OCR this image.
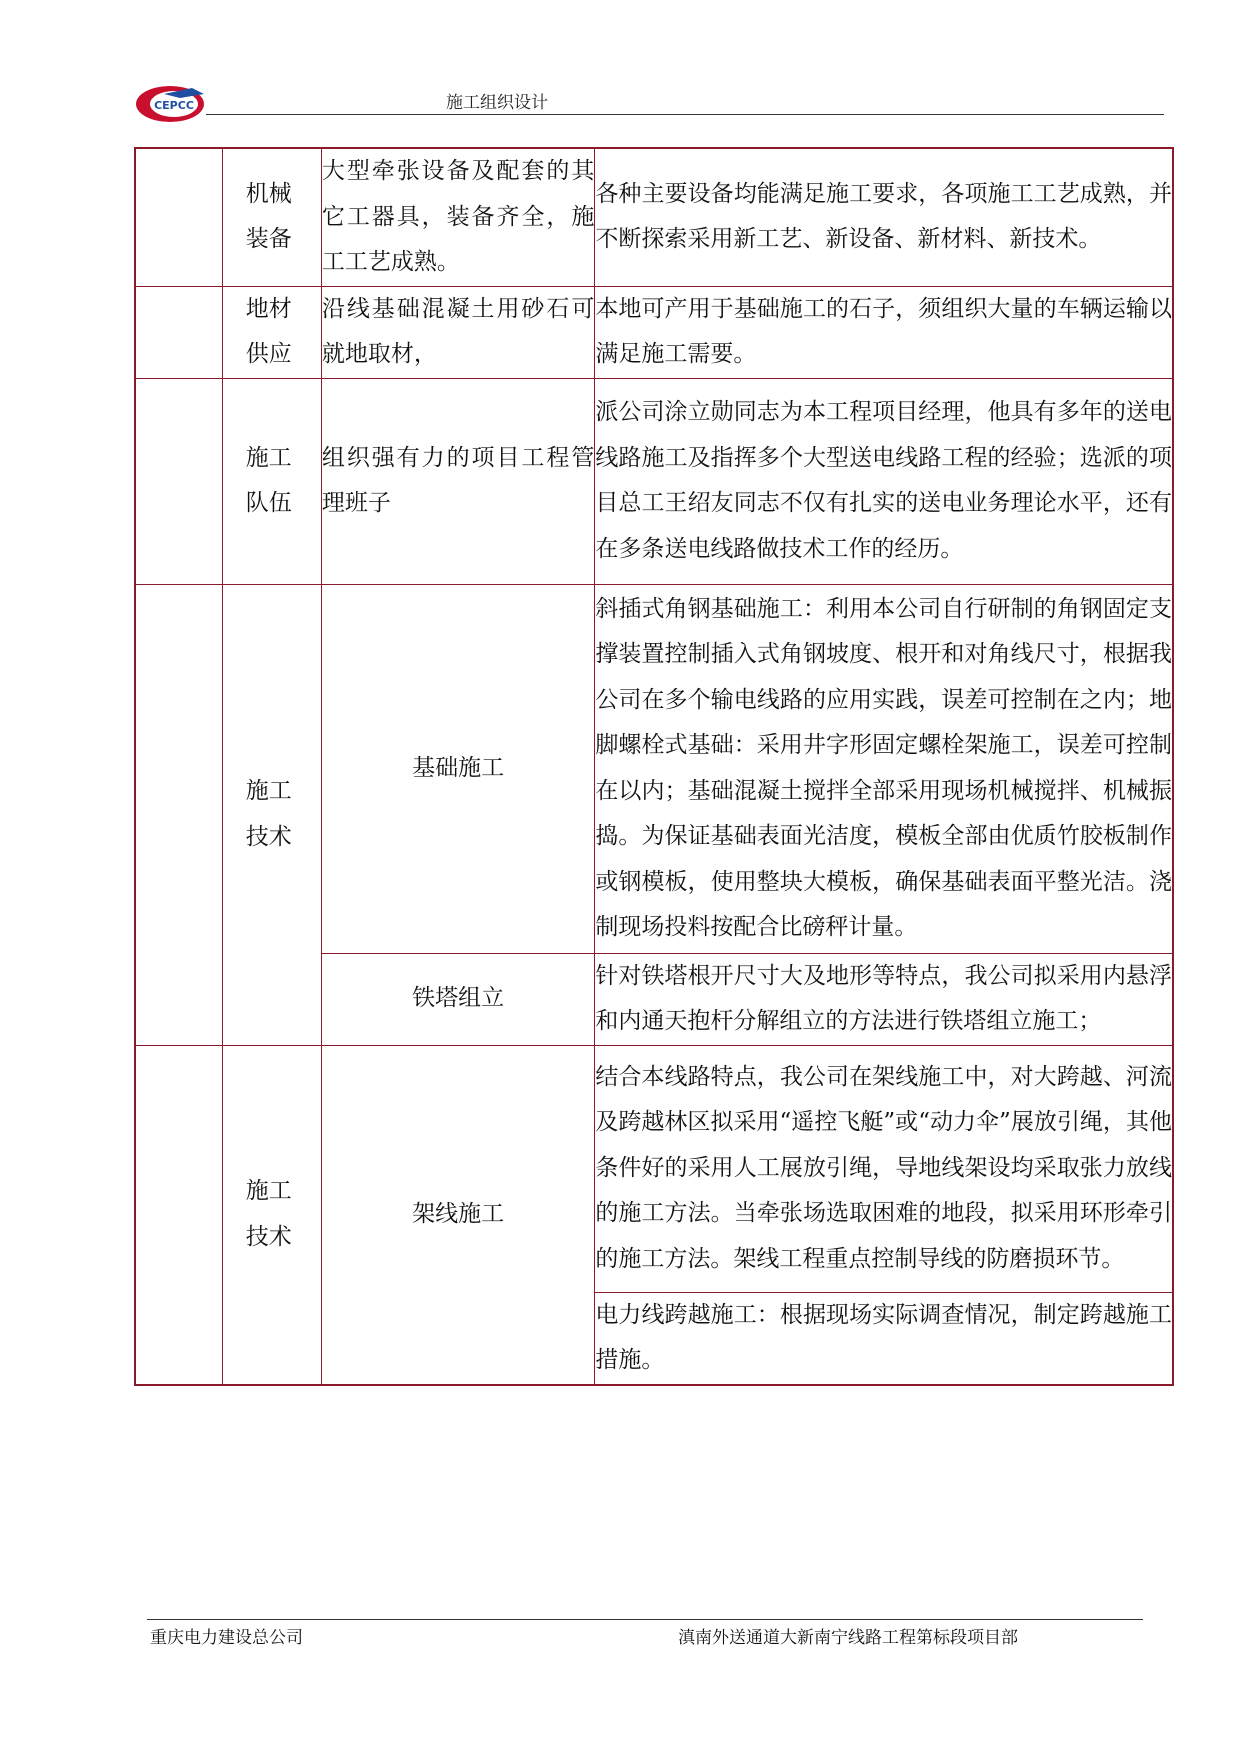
CEPCC	施工组织设计
	机械装备	大型牵张设备及配套的其它工器具，装备齐全，施工工艺成熟。	各种主要设备均能满足施工要求，各项施工工艺成熟，并不断探索采用新工艺、新设备、新材料、新技术。
	地材供应	沿线基础混凝土用砂石可就地取材，	本地可产用于基础施工的石子，须组织大量的车辆运输以满足施工需要。
	施工队伍	组织强有力的项目工程管理班子	派公司涂立勋同志为本工程项目经理，他具有多年的送电线路施工及指挥多个大型送电线路工程的经验；选派的项目总工王绍友同志不仅有扎实的送电业务理论水平，还有在多条送电线路做技术工作的经历。
	施工技术	基础施工	斜插式角钢基础施工：利用本公司自行研制的角钢固定支撑装置控制插入式角钢坡度、根开和对角线尺寸，根据我公司在多个输电线路的应用实践，误差可控制在之内；地脚螺栓式基础：采用井字形固定螺栓架施工，误差可控制在以内；基础混凝土搅拌全部采用现场机械搅拌、机械振捣。为保证基础表面光洁度，模板全部由优质竹胶板制作或钢模板，使用整块大模板，确保基础表面平整光洁。浇制现场投料按配合比磅秤计量。
		铁塔组立	针对铁塔根开尺寸大及地形等特点，我公司拟采用内悬浮和内通天抱杆分解组立的方法进行铁塔组立施工；
	施工技术	架线施工	结合本线路特点，我公司在架线施工中，对大跨越、河流及跨越林区拟采用“遥控飞艇”或“动力伞”展放引绳，其他条件好的采用人工展放引绳，导地线架设均采取张力放线的施工方法。当牵张场选取困难的地段，拟采用环形牵引的施工方法。架线工程重点控制导线的防磨损环节。
			电力线跨越施工：根据现场实际调查情况，制定跨越施工措施。
重庆电力建设总公司	滇南外送通道大新南宁线路工程第标段项目部
